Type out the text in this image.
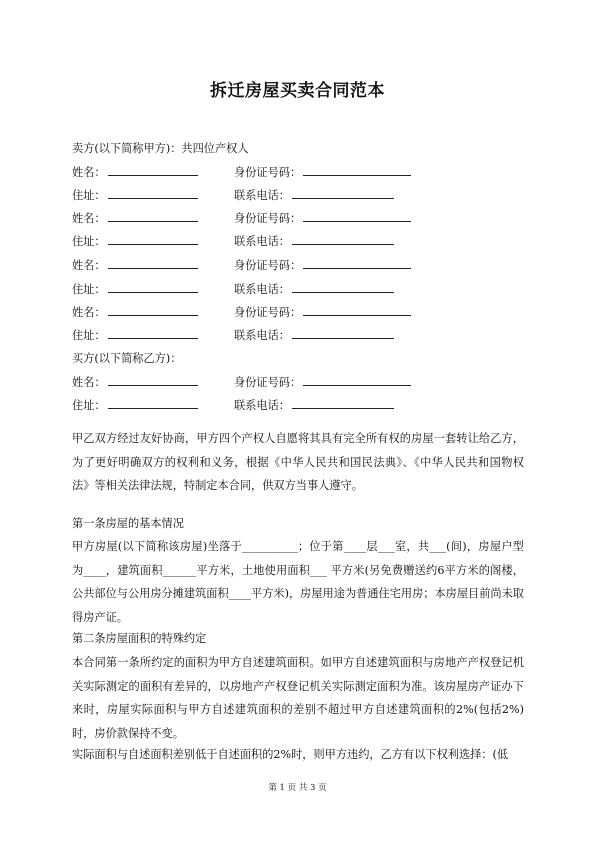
拆迁房屋买卖合同范本
卖方(以下简称甲方)：共四位产权人
姓名：	身份证号码：
住址：	联系电话：
姓名：	身份证号码：
住址：	联系电话：
姓名：	身份证号码：
住址：	联系电话：
姓名：	身份证号码：
住址：	联系电话：
买方(以下简称乙方)：
姓名：	身份证号码：
住址：	联系电话：
甲乙双方经过友好协商，甲方四个产权人自愿将其具有完全所有权的房屋一套转让给乙方，为了更好明确双方的权利和义务，根据《中华人民共和国民法典》、《中华人民共和国物权法》等相关法律法规，特制定本合同，供双方当事人遵守。
第一条房屋的基本情况
甲方房屋(以下简称该房屋)坐落于__________；位于第____层___室，共___(间)，房屋户型为____，建筑面积______平方米，土地使用面积___ 平方米(另免费赠送约6平方米的阁楼，公共部位与公用房分摊建筑面积____平方米)，房屋用途为普通住宅用房；本房屋目前尚未取得房产证。
第二条房屋面积的特殊约定
本合同第一条所约定的面积为甲方自述建筑面积。如甲方自述建筑面积与房地产产权登记机关实际测定的面积有差异的，以房地产产权登记机关实际测定面积为准。该房屋房产证办下来时，房屋实际面积与甲方自述建筑面积的差别不超过甲方自述建筑面积的2%(包括2%)时，房价款保持不变。
实际面积与自述面积差别低于自述面积的2%时，则甲方违约，乙方有以下权利选择：(低
第 1 页 共 3 页
